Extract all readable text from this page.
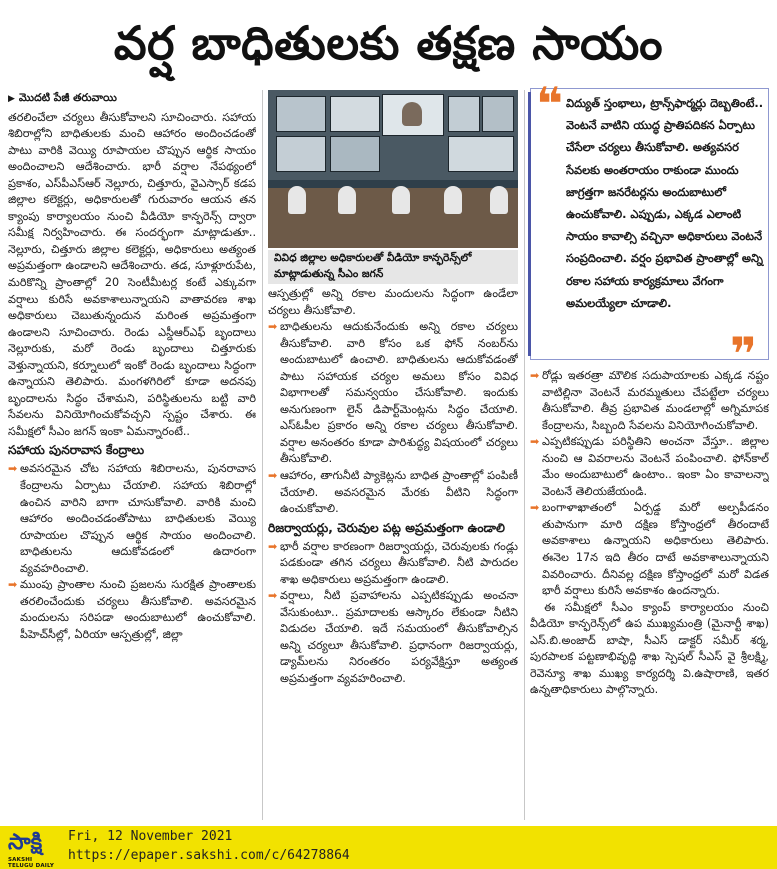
వర్ష బాధితులకు తక్షణ సాయం
▶ మొదటి పేజీ తరువాయి

తరలించేలా చర్యలు తీసుకోవాలని సూచించారు. సహాయ శిబిరాల్లోని బాధితులకు మంచి ఆహారం అందించడంతో పాటు వారికి వెయ్యి రూపాయల చొప్పున ఆర్థిక సాయం అందించాలని ఆదేశించారు. భారీ వర్షాల నేపథ్యంలో ప్రకాశం, ఎస్‌పీఎస్‌ఆర్ నెల్లూరు, చిత్తూరు, వైఎస్సార్ కడప జిల్లాల కలెక్టర్లు, అధికారులతో గురువారం ఆయన తన క్యాంపు కార్యాలయం నుంచి వీడియో కాన్ఫరెన్స్ ద్వారా సమీక్ష నిర్వహించారు. ఈ సందర్భంగా మాట్లాడుతూ.. నెల్లూరు, చిత్తూరు జిల్లాల కలెక్టర్లు, అధికారులు అత్యంత అప్రమత్తంగా ఉండాలని ఆదేశించారు. తడ, సూళ్లూరుపేట, మరికొన్ని ప్రాంతాల్లో 20 సెంటీమీటర్ల కంటే ఎక్కువగా వర్షాలు కురిసే అవకాశాలున్నాయని వాతావరణ శాఖ అధికారులు చెబుతున్నందున మరింత అప్రమత్తంగా ఉండాలని సూచించారు. రెండు ఎస్డీఆర్ఎఫ్ బృందాలు నెల్లూరుకు, మరో రెండు బృందాలు చిత్తూరుకు వెళ్తున్నాయని, కర్నూలులో ఇంకో రెండు బృందాలు సిద్ధంగా ఉన్నాయని తెలిపారు. మంగళగిరిలో కూడా అదనపు బృందాలను సిద్ధం చేశామని, పరిస్థితులను బట్టి వారి సేవలను వినియోగించుకోవచ్చని స్పష్టం చేశారు. ఈ సమీక్షలో సీఎం జగన్ ఇంకా ఏమన్నారంటే..

సహాయ పునరావాస కేంద్రాలు

➡ అవసరమైన చోట సహాయ శిబిరాలను, పునరావాస కేంద్రాలను ఏర్పాటు చేయాలి. సహాయ శిబిరాల్లో ఉంచిన వారిని బాగా చూసుకోవాలి. వారికి మంచి ఆహారం అందించడంతోపాటు బాధితులకు వెయ్యి రూపాయల చొప్పున ఆర్థిక సాయం అందించాలి. బాధితులను ఆదుకోవడంలో ఉదారంగా వ్యవహరించాలి.

➡ ముంపు ప్రాంతాల నుంచి ప్రజలను సురక్షిత ప్రాంతాలకు తరలించేందుకు చర్యలు తీసుకోవాలి. అవసరమైన మందులను సరిపడా అందుబాటులో ఉంచుకోవాలి. పీహెచ్‌సీల్లో, ఏరియా ఆస్పత్రుల్లో, జిల్లా

వివిధ జిల్లాల అధికారులతో వీడియో కాన్ఫరెన్స్‌లో మాట్లాడుతున్న సీఎం జగన్

ఆస్పత్రుల్లో అన్ని రకాల మందులను సిద్ధంగా ఉండేలా చర్యలు తీసుకోవాలి.

➡ బాధితులను ఆదుకునేందుకు అన్ని రకాల చర్యలు తీసుకోవాలి. వారి కోసం ఒక ఫోన్ నంబర్‌ను అందుబాటులో ఉంచాలి. బాధితులను ఆదుకోవడంతో పాటు సహాయక చర్యల అమలు కోసం వివిధ విభాగాలతో సమన్వయం చేసుకోవాలి. ఇందుకు అనుగుణంగా లైన్ డిపార్ట్‌మెంట్లను సిద్ధం చేయాలి. ఎస్ఓపీల ప్రకారం అన్ని రకాల చర్యలు తీసుకోవాలి. వర్షాల అనంతరం కూడా పారిశుద్ధ్య విషయంలో చర్యలు తీసుకోవాలి.

➡ ఆహారం, తాగునీటి ప్యాకెట్లను బాధిత ప్రాంతాల్లో పంపిణీ చేయాలి. అవసరమైన మేరకు వీటిని సిద్ధంగా ఉంచుకోవాలి.

రిజర్వాయర్లు, చెరువుల పట్ల అప్రమత్తంగా ఉండాలి

➡ భారీ వర్షాల కారణంగా రిజర్వాయర్లు, చెరువులకు గండ్లు పడకుండా తగిన చర్యలు తీసుకోవాలి. నీటి పారుదల శాఖ అధికారులు అప్రమత్తంగా ఉండాలి.

➡ వర్షాలు, నీటి ప్రవాహాలను ఎప్పటికప్పుడు అంచనా వేసుకుంటూ.. ప్రమాదాలకు ఆస్కారం లేకుండా నీటిని విడుదల చేయాలి. ఇదే సమయంలో తీసుకోవాల్సిన అన్ని చర్యలూ తీసుకోవాలి. ప్రధానంగా రిజర్వాయర్లు, డ్యామ్‌లను నిరంతరం పర్యవేక్షిస్తూ అత్యంత అప్రమత్తంగా వ్యవహరించాలి.

❝ విద్యుత్ స్తంభాలు, ట్రాన్స్‌ఫార్మర్లు దెబ్బతింటే.. వెంటనే వాటిని యుద్ధ ప్రాతిపదికన ఏర్పాటు చేసేలా చర్యలు తీసుకోవాలి. అత్యవసర సేవలకు అంతరాయం రాకుండా ముందు జాగ్రత్తగా జనరేటర్లను అందుబాటులో ఉంచుకోవాలి. ఎప్పుడు, ఎక్కడ ఎలాంటి సాయం కావాల్సి వచ్చినా అధికారులు వెంటనే సంప్రదించాలి. వర్షం ప్రభావిత ప్రాంతాల్లో అన్ని రకాల సహాయ కార్యక్రమాలు వేగంగా అమలయ్యేలా చూడాలి.
❞

➡ రోడ్లు ఇతరత్రా మౌలిక సదుపాయాలకు ఎక్కడ నష్టం వాటిల్లినా వెంటనే మరమ్మతులు చేపట్టేలా చర్యలు తీసుకోవాలి. తీవ్ర ప్రభావిత మండలాల్లో అగ్నిమాపక కేంద్రాలను, సిబ్బంది సేవలను వినియోగించుకోవాలి.

➡ ఎప్పటికప్పుడు పరిస్థితిని అంచనా వేస్తూ.. జిల్లాల నుంచి ఆ వివరాలను వెంటనే పంపించాలి. ఫోన్‌కాల్ మేం అందుబాటులో ఉంటాం.. ఇంకా ఏం కావాలన్నా వెంటనే తెలియజేయండి.

➡ బంగాళాఖాతంలో ఏర్పడ్డ మరో అల్పపీడనం తుపానుగా మారి దక్షిణ కోస్తాంధ్రలో తీరందాటే అవకాశాలు ఉన్నాయని అధికారులు తెలిపారు. ఈనెల 17న ఇది తీరం దాటే అవకాశాలున్నాయని వివరించారు. దీనివల్ల దక్షిణ కోస్తాంధ్రలో మరో విడత భారీ వర్షాలు కురిసే అవకాశం ఉందన్నారు.

ఈ సమీక్షలో సీఎం క్యాంప్ కార్యాలయం నుంచి వీడియో కాన్ఫరెన్స్‌లో ఉప ముఖ్యమంత్రి (మైనార్టీ శాఖ) ఎస్.బి.అంజాద్ బాషా, సీఎస్ డాక్టర్ సమీర్ శర్మ, పురపాలక పట్టణాభివృద్ధి శాఖ స్పెషల్ సీఎస్ వై శ్రీలక్ష్మి, రెవెన్యూ శాఖ ముఖ్య కార్యదర్శి వి.ఉషారాణి, ఇతర ఉన్నతాధికారులు పాల్గొన్నారు.

సాక్షి
SAKSHI TELUGU DAILY
Fri, 12 November 2021
https://epaper.sakshi.com/c/64278864
